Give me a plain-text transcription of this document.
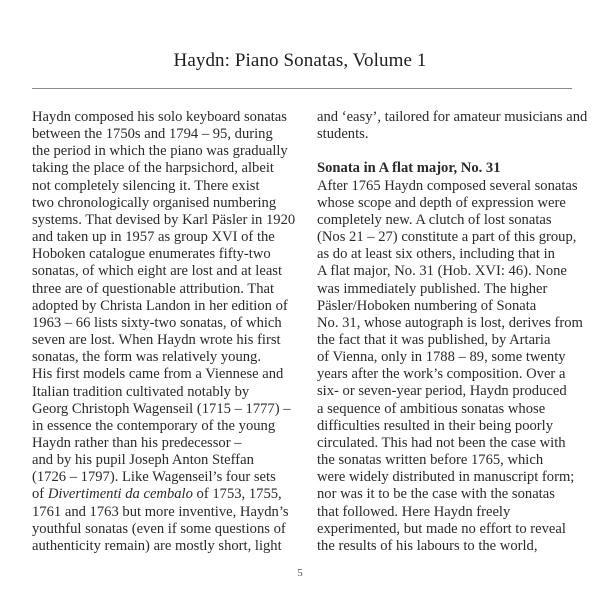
Haydn: Piano Sonatas, Volume 1
Haydn composed his solo keyboard sonatas
between the 1750s and 1794 – 95, during
the period in which the piano was gradually
taking the place of the harpsichord, albeit
not completely silencing it. There exist
two chronologically organised numbering
systems. That devised by Karl Päsler in 1920
and taken up in 1957 as group XVI of the
Hoboken catalogue enumerates fifty-two
sonatas, of which eight are lost and at least
three are of questionable attribution. That
adopted by Christa Landon in her edition of
1963 – 66 lists sixty-two sonatas, of which
seven are lost. When Haydn wrote his first
sonatas, the form was relatively young.
His first models came from a Viennese and
Italian tradition cultivated notably by
Georg Christoph Wagenseil (1715 – 1777) –
in essence the contemporary of the young
Haydn rather than his predecessor –
and by his pupil Joseph Anton Steffan
(1726 – 1797). Like Wagenseil’s four sets
of Divertimenti da cembalo of 1753, 1755,
1761 and 1763 but more inventive, Haydn’s
youthful sonatas (even if some questions of
authenticity remain) are mostly short, light
and ‘easy’, tailored for amateur musicians and
students.
Sonata in A flat major, No. 31
After 1765 Haydn composed several sonatas
whose scope and depth of expression were
completely new. A clutch of lost sonatas
(Nos 21 – 27) constitute a part of this group,
as do at least six others, including that in
A flat major, No. 31 (Hob. XVI: 46). None
was immediately published. The higher
Päsler/Hoboken numbering of Sonata
No. 31, whose autograph is lost, derives from
the fact that it was published, by Artaria
of Vienna, only in 1788 – 89, some twenty
years after the work’s composition. Over a
six- or seven-year period, Haydn produced
a sequence of ambitious sonatas whose
difficulties resulted in their being poorly
circulated. This had not been the case with
the sonatas written before 1765, which
were widely distributed in manuscript form;
nor was it to be the case with the sonatas
that followed. Here Haydn freely
experimented, but made no effort to reveal
the results of his labours to the world,
5
